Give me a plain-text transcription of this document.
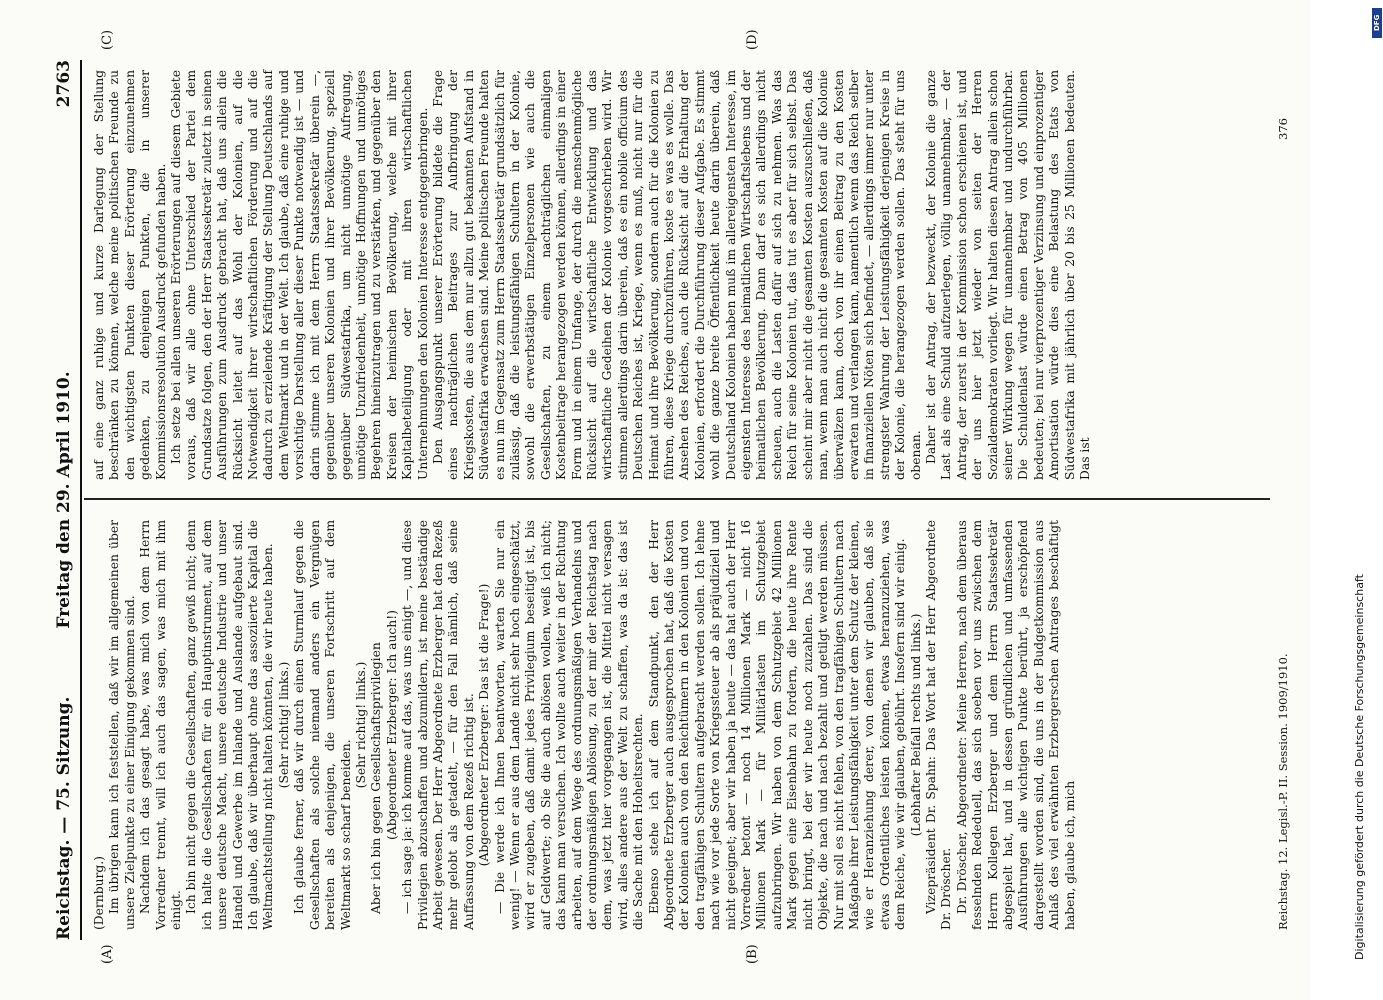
Reichstag. — 75. Sitzung.
Freitag den 29. April 1910.
2763
(A)	(B)
(C)	(D)

(Dernburg.) Im übrigen kann ich feststellen, daß wir im allgemeinen über unsere Zielpunkte zu einer Einigung gekommen sind. Nachdem ich das gesagt habe, was mich von dem Herrn Vorredner trennt, will ich auch das sagen, was mich mit ihm einigt. Ich bin nicht gegen die Gesellschaften, ganz gewiß nicht; denn ich halte die Gesellschaften für ein Hauptinstrument, auf dem unsere deutsche Macht, unsere deutsche Industrie und unser Handel und Gewerbe im Inlande und Auslande aufgebaut sind. Ich glaube, daß wir überhaupt ohne das assoziierte Kapital die Weltmachtstellung nicht halten könnten, die wir heute haben. (Sehr richtig! links.) Ich glaube ferner, daß wir durch einen Sturmlauf gegen die Gesellschaften als solche niemand anders ein Vergnügen bereiten als denjenigen, die unseren Fortschritt auf dem Weltmarkt so scharf beneiden.

(Sehr richtig! links.) Aber ich bin gegen Gesellschaftsprivilegien (Abgeordneter Erzberger: Ich auch!) — ich sage ja: ich komme auf das, was uns einigt —, und diese Privilegien abzuschaffen und abzumildern, ist meine beständige Arbeit gewesen. Der Herr Abgeordnete Erzberger hat den Rezeß mehr gelobt als getadelt, — für den Fall nämlich, daß seine Auffassung von dem Rezeß richtig ist. (Abgeordneter Erzberger: Das ist die Frage!) — Die werde ich Ihnen beantworten, warten Sie nur ein wenig! — Wenn er aus dem Lande nicht sehr hoch eingeschätzt, wird er zugeben, daß damit jedes Privilegium beseitigt ist, bis auf Geldwerte; ob Sie die auch ablösen wollen, weiß ich nicht; das kann man versuchen. Ich wollte auch weiter in der Richtung arbeiten, auf dem Wege des ordnungsmäßigen Verhandelns und der ordnungsmäßigen Ablösung, zu der mir der Reichstag nach dem, was jetzt hier vorgegangen ist, die Mittel nicht versagen wird, alles andere aus der Welt zu schaffen, was da ist: das ist die Sache mit den Hoheitsrechten. Ebenso stehe ich auf dem Standpunkt, den der Herr Abgeordnete Erzberger auch ausgesprochen hat, daß die Kosten der Kolonien auch von den Reichtümern in den Kolonien und von den tragfähigen Schultern aufgebracht werden sollen. Ich lehne nach wie vor jede Sorte von Kriegssteuer ab als präjudiziell und nicht geeignet; aber wir haben ja heute — das hat auch der Herr Vorredner betont — noch 14 Millionen Mark — nicht 16 Millionen Mark — für Militärlasten im Schutzgebiet aufzubringen. Wir haben von dem Schutzgebiet 42 Millionen Mark gegen eine Eisenbahn zu fordern, die heute ihre Rente nicht bringt, bei der wir heute noch zuzahlen. Das sind die Objekte, die nach und nach bezahlt und getilgt werden müssen. Nur mit soll es nicht fehlen, von den tragfähigen Schultern nach Maßgabe ihrer Leistungsfähigkeit unter dem Schutz der kleinen, wie er Heranziehung derer, von denen wir glauben, daß sie etwas Ordentliches leisten können, etwas heranzuziehen, was dem Reiche, wie wir glauben, gebührt. Insofern sind wir einig. (Lebhafter Beifall rechts und links.) Vizepräsident Dr. Spahn: Das Wort hat der Herr Abgeordnete Dr. Dröscher. Dr. Dröscher, Abgeordneter: Meine Herren, nach dem überaus fesselnden Rededuell, das sich soeben vor uns zwischen dem Herrn Kollegen Erzberger und dem Herrn Staatssekretär abgespielt hat, und in dessen gründlichen und umfassenden Ausführungen alle wichtigen Punkte berührt, ja erschöpfend dargestellt worden sind, die uns in der Budgetkommission aus Anlaß des viel erwähnten Erzbergerschen Antrages beschäftigt haben, glaube ich, mich

auf eine ganz ruhige und kurze Darlegung der Stellung beschränken zu können, welche meine politischen Freunde zu den wichtigsten Punkten dieser Erörterung einzunehmen gedenken, zu denjenigen Punkten, die in unserer Kommissionsresolution Ausdruck gefunden haben. Ich setze bei allen unseren Erörterungen auf diesem Gebiete voraus, daß wir alle ohne Unterschied der Partei dem Grundsatze folgen, den der Herr Staatssekretär zuletzt in seinen Ausführungen zum Ausdruck gebracht hat, daß uns allein die Rücksicht leitet auf das Wohl der Kolonien, auf die Notwendigkeit ihrer wirtschaftlichen Förderung und auf die dadurch zu erzielende Kräftigung der Stellung Deutschlands auf dem Weltmarkt und in der Welt. Ich glaube, daß eine ruhige und vorsichtige Darstellung aller dieser Punkte notwendig ist — und darin stimme ich mit dem Herrn Staatssekretär überein —, gegenüber unseren Kolonien und ihrer Bevölkerung, speziell gegenüber Südwestafrika, um nicht unnötige Aufregung, unnötige Unzufriedenheit, unnötige Hoffnungen und unnötiges Begehren hineinzutragen und zu verstärken, und gegenüber den Kreisen der heimischen Bevölkerung, welche mit ihrer Kapitalbeteiligung oder mit ihren wirtschaftlichen Unternehmungen den Kolonien Interesse entgegenbringen. Den Ausgangspunkt unserer Erörterung bildete die Frage eines nachträglichen Beitrages zur Aufbringung der Kriegskosten, die aus dem nur allzu gut bekannten Aufstand in Südwestafrika erwachsen sind. Meine politischen Freunde halten es nun im Gegensatz zum Herrn Staatssekretär grundsätzlich für zulässig, daß die leistungsfähigen Schultern in der Kolonie, sowohl die erwerbstätigen Einzelpersonen wie auch die Gesellschaften, zu einem nachträglichen einmaligen Kostenbeitrage herangezogen werden können, allerdings in einer Form und in einem Umfange, der durch die menschenmögliche Rücksicht auf die wirtschaftliche Entwicklung und das wirtschaftliche Gedeihen der Kolonie vorgeschrieben wird. Wir stimmen allerdings darin überein, daß es ein nobile officium des Deutschen Reiches ist, Kriege, wenn es muß, nicht nur für die Heimat und ihre Bevölkerung, sondern auch für die Kolonien zu führen, diese Kriege durchzuführen, koste es was es wolle. Das Ansehen des Reiches, auch die Rücksicht auf die Erhaltung der Kolonien, erfordert die Durchführung dieser Aufgabe. Es stimmt wohl die ganze breite Öffentlichkeit heute darin überein, daß Deutschland Kolonien haben muß im allereigensten Interesse, im eigensten Interesse des heimatlichen Wirtschaftslebens und der heimatlichen Bevölkerung. Dann darf es sich allerdings nicht scheuen, auch die Lasten dafür auf sich zu nehmen. Was das Reich für seine Kolonien tut, das tut es aber für sich selbst. Das scheint mir aber nicht die gesamten Kosten auszuschließen, daß man, wenn man auch nicht die gesamten Kosten auf die Kolonie überwälzen kann, doch von ihr einen Beitrag zu den Kosten erwarten und verlangen kann, namentlich wenn das Reich selber in finanziellen Nöten sich befindet, — allerdings immer nur unter strengster Wahrung der Leistungsfähigkeit derjenigen Kreise in der Kolonie, die herangezogen werden sollen. Das steht für uns obenan. Daher ist der Antrag, der bezweckt, der Kolonie die ganze Last als eine Schuld aufzuerlegen, völlig unannehmbar, — der Antrag, der zuerst in der Kommission schon erschienen ist, und der uns hier jetzt wieder von seiten der Herren Sozialdemokraten vorliegt. Wir halten diesen Antrag allein schon seiner Wirkung wegen für unannehmbar und undurchführbar. Die Schuldenlast würde einen Betrag von 405 Millionen bedeuten; bei nur vierprozentiger Verzinsung und einprozentiger Amortisation würde dies eine Belastung des Etats von Südwestafrika mit jährlich über 20 bis 25 Millionen bedeuten. Das ist

Reichstag. 12. Legisl.-P. II. Session. 1909/1910.
376
Digitalisierung gefördert durch die Deutsche Forschungsgemeinschaft
DFG
